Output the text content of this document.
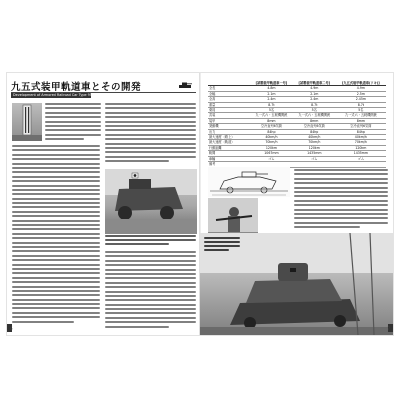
九五式装甲軌道車とその開発
Development of Armored Railroad Car Type 95 So-Ki
6
	[試製装甲軌道車一号]	[試製装甲軌道車二号]	[九五式装甲軌道車(ソキ)]
全長	4.8m	4.9m	4.9m
全幅	2.1m	2.1m	2.5m
全高	2.4m	2.4m	2.45m
重量	8.7t	8.7t	8.7t
乗員	5名	5名	5名
武装	九一式六・五粍機関銃	九一式六・五粍機関銃	九一式六・五粍機関銃
装甲	8mm	8mm	8mm
発動機	空冷直列6気筒	空冷直列6気筒	空冷直列6気筒
出力	84hp	84hp	84hp
最大速度（路上）	40km/h	40km/h	40km/h
最大速度（軌道）	70km/h	70km/h	70km/h
行動距離	120km	120km	120km
軌間	1067mm	1435mm	1435mm
車輪	ゴム	ゴム	ゴム
備考			
7
